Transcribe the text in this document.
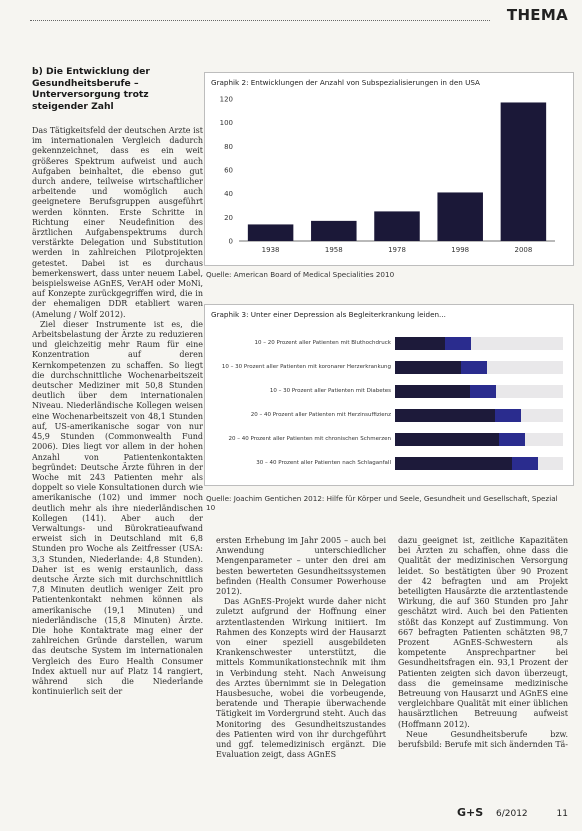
THEMA
b) Die Entwicklung der
Gesundheitsberufe –
Unterversorgung trotz
steigender Zahl

Das Tätigkeitsfeld der deutschen Ärzte ist im internationalen Vergleich dadurch gekennzeichnet, dass es ein weit größeres Spektrum aufweist und auch Aufgaben beinhaltet, die ebenso gut durch andere, teilweise wirtschaftlicher arbeitende und womöglich auch geeignetere Berufsgruppen ausgeführt werden könnten. Erste Schritte in Richtung einer Neudefinition des ärztlichen Aufgabenspektrums durch verstärkte Delegation und Substitution werden in zahlreichen Pilotprojekten getestet. Dabei ist es durchaus bemerkenswert, dass unter neuem Label, beispielsweise AGnES, VerAH oder MoNi, auf Konzepte zurückgegriffen wird, die in der ehemaligen DDR etabliert waren (Amelung / Wolf 2012).

Ziel dieser Instrumente ist es, die Arbeitsbelastung der Ärzte zu reduzieren und gleichzeitig mehr Raum für eine Konzentration auf deren Kernkompetenzen zu schaffen. So liegt die durchschnittliche Wochenarbeitszeit deutscher Mediziner mit 50,8 Stunden deutlich über dem internationalen Niveau. Niederländische Kollegen weisen eine Wochenarbeitszeit von 48,1 Stunden auf, US-amerikanische sogar von nur 45,9 Stunden (Commonwealth Fund 2006). Dies liegt vor allem in der hohen Anzahl von Patientenkontakten begründet: Deutsche Ärzte führen in der Woche mit 243 Patienten mehr als doppelt so viele Konsultationen durch wie amerikanische (102) und immer noch deutlich mehr als ihre niederländischen Kollegen (141). Aber auch der Verwaltungs- und Bürokratieaufwand erweist sich in Deutschland mit 6,8 Stunden pro Woche als Zeitfresser (USA: 3,3 Stunden, Niederlande: 4,8 Stunden). Daher ist es wenig erstaunlich, dass deutsche Ärzte sich mit durchschnittlich 7,8 Minuten deutlich weniger Zeit pro Patientenkontakt nehmen können als amerikanische (19,1 Minuten) und niederländische (15,8 Minuten) Ärzte. Die hohe Kontaktrate mag einer der zahlreichen Gründe darstellen, warum das deutsche System im internationalen Vergleich des Euro Health Consumer Index aktuell nur auf Platz 14 rangiert, während sich die Niederlande kontinuierlich seit der

Graphik 2: Entwicklungen der Anzahl von Subspezialisierungen in den USA
0
20
40
60
80
100
120
1938	1958	1978	1998	2008
Quelle: American Board of Medical Specialities 2010
Graphik 3: Unter einer Depression als Begleiterkrankung leiden...
10 – 20 Prozent aller Patienten mit Bluthochdruck
10 – 30 Prozent aller Patienten mit koronarer Herzerkrankung
10 – 30 Prozent aller Patienten mit Diabetes
20 – 40 Prozent aller Patienten mit Herzinsuffizienz
20 – 40 Prozent aller Patienten mit chronischen Schmerzen
30 – 40 Prozent aller Patienten nach Schlaganfall
Quelle: Joachim Gentichen 2012: Hilfe für Körper und Seele, Gesundheit und Gesellschaft, Spezial 10

ersten Erhebung im Jahr 2005 – auch bei Anwendung unterschiedlicher Mengenparameter – unter den drei am besten bewerteten Gesundheitssystemen befinden (Health Consumer Powerhouse 2012).

Das AGnES-Projekt wurde daher nicht zuletzt aufgrund der Hoffnung einer arztentlastenden Wirkung initiiert. Im Rahmen des Konzepts wird der Hausarzt von einer speziell ausgebildeten Krankenschwester unterstützt, die mittels Kommunikationstechnik mit ihm in Verbindung steht. Nach Anweisung des Arztes übernimmt sie in Delegation Hausbesuche, wobei die vorbeugende, beratende und Therapie überwachende Tätigkeit im Vordergrund steht. Auch das Monitoring des Gesundheitszustandes des Patienten wird von ihr durchgeführt und ggf. telemedizinisch ergänzt. Die Evaluation zeigt, dass AGnES

dazu geeignet ist, zeitliche Kapazitäten bei Ärzten zu schaffen, ohne dass die Qualität der medizinischen Versorgung leidet. So bestätigten über 90 Prozent der 42 befragten und am Projekt beteiligten Hausärzte die arztentlastende Wirkung, die auf 360 Stunden pro Jahr geschätzt wird. Auch bei den Patienten stößt das Konzept auf Zustimmung. Von 667 befragten Patienten schätzten 98,7 Prozent AGnES-Schwestern als kompetente Ansprechpartner bei Gesundheitsfragen ein. 93,1 Prozent der Patienten zeigten sich davon überzeugt, dass die gemeinsame medizinische Betreuung von Hausarzt und AGnES eine vergleichbare Qualität mit einer üblichen hausärztlichen Betreuung aufweist (Hoffmann 2012).

Neue Gesundheitsberufe bzw. berufsbild: Berufe mit sich ändernden Tä-

G+S 6/2012	11
